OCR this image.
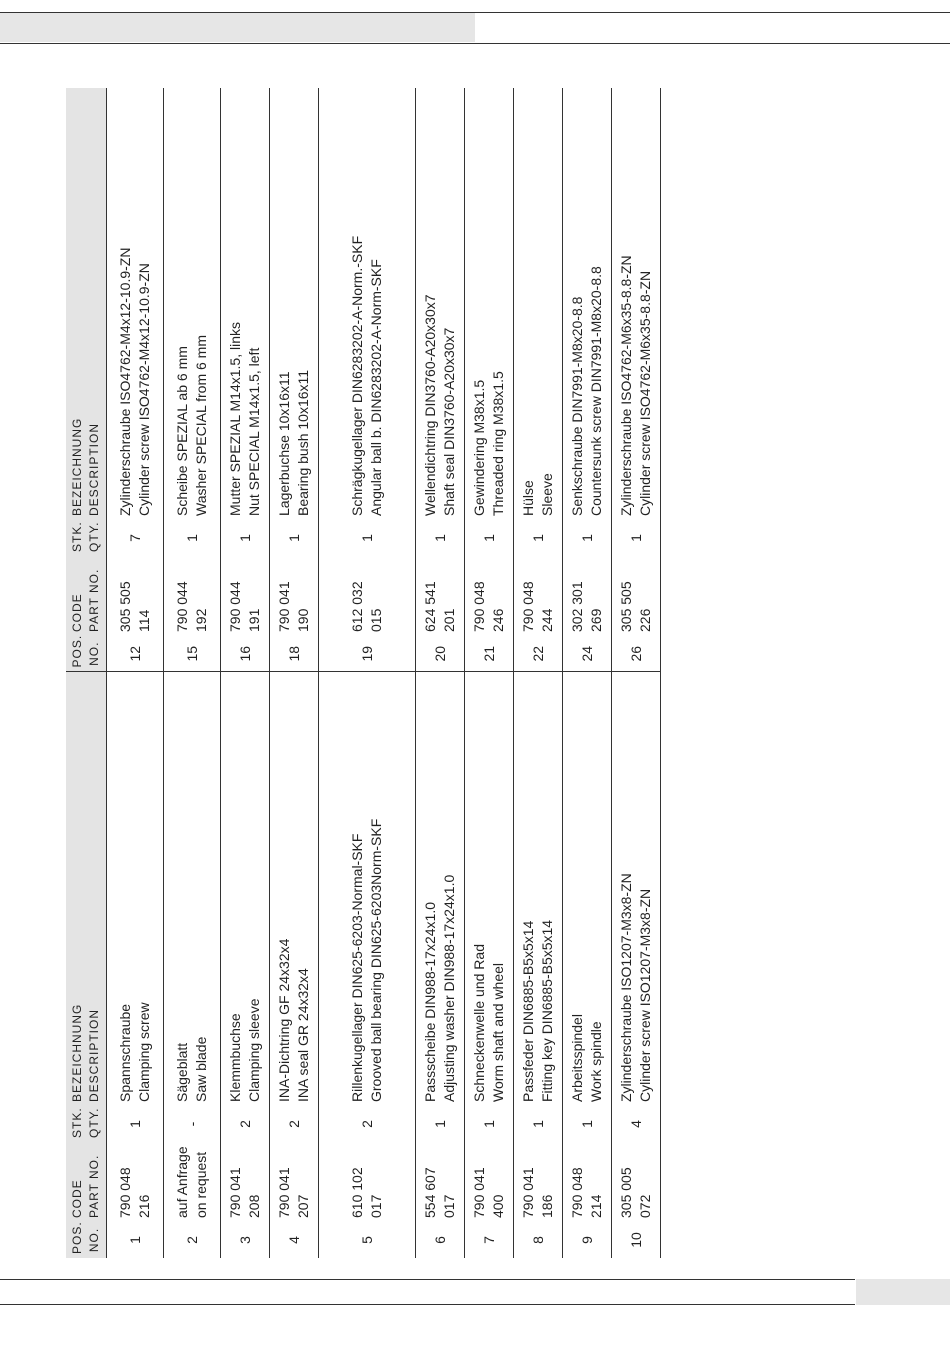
POS. NO.	CODE PART NO.	STK. QTY.	BEZEICHNUNG DESCRIPTION	POS. NO.	CODE PART NO.	STK. QTY.	BEZEICHNUNG DESCRIPTION
1	790 048 216	1	Spannschraube Clamping screw	12	305 505 114	7	Zylinderschraube ISO4762-M4x12-10.9-ZN Cylinder screw ISO4762-M4x12-10.9-ZN
2	auf Anfrage on request	-	Sägeblatt Saw blade	15	790 044 192	1	Scheibe SPEZIAL ab 6 mm Washer SPECIAL from 6 mm
3	790 041 208	2	Klemmbuchse Clamping sleeve	16	790 044 191	1	Mutter SPEZIAL M14x1.5, links Nut SPECIAL M14x1.5, left
4	790 041 207	2	INA-Dichtring GF 24x32x4 INA seal GR 24x32x4	18	790 041 190	1	Lagerbuchse 10x16x11 Bearing bush 10x16x11
5	610 102 017	2	Rillenkugellager DIN625-6203-Normal-SKF Grooved ball bearing DIN625-6203Norm-SKF	19	612 032 015	1	Schrägkugellager DIN6283202-A-Norm.-SKF Angular ball b. DIN6283202-A-Norm-SKF
6	554 607 017	1	Passscheibe DIN988-17x24x1.0 Adjusting washer DIN988-17x24x1.0	20	624 541 201	1	Wellendichtring DIN3760-A20x30x7 Shaft seal DIN3760-A20x30x7
7	790 041 400	1	Schneckenwelle und Rad Worm shaft and wheel	21	790 048 246	1	Gewindering M38x1.5 Threaded ring M38x1.5
8	790 041 186	1	Passfeder DIN6885-B5x5x14 Fitting key DIN6885-B5x5x14	22	790 048 244	1	Hülse Sleeve
9	790 048 214	1	Arbeitsspindel Work spindle	24	302 301 269	1	Senkschraube DIN7991-M8x20-8.8 Countersunk screw DIN7991-M8x20-8.8
10	305 005 072	4	Zylinderschraube ISO1207-M3x8-ZN Cylinder screw ISO1207-M3x8-ZN	26	305 505 226	1	Zylinderschraube ISO4762-M6x35-8.8-ZN Cylinder screw ISO4762-M6x35-8.8-ZN
